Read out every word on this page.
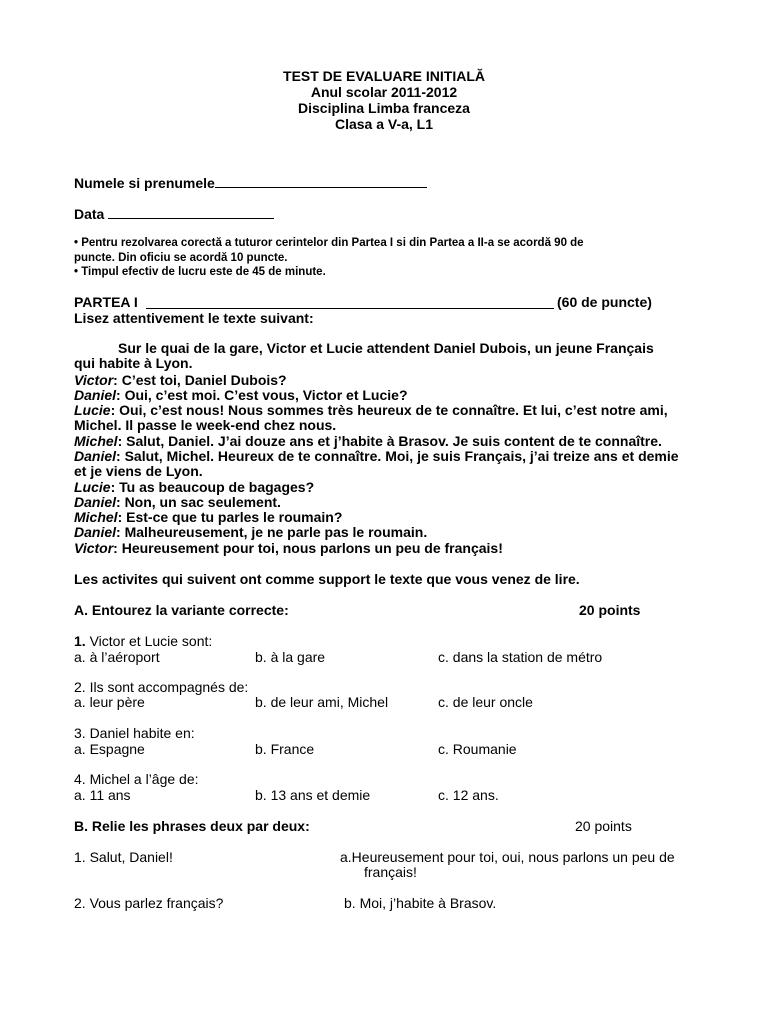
TEST DE EVALUARE INITIALĂ
Anul scolar 2011-2012
Disciplina Limba franceza
Clasa a V-a, L1
Numele si prenumele
Data
• Pentru rezolvarea corectă a tuturor cerintelor din Partea I si din Partea a II-a se acordă 90 de
puncte. Din oficiu se acordă 10 puncte.
• Timpul efectiv de lucru este de 45 de minute.
PARTEA I	(60 de puncte)
Lisez attentivement le texte suivant:
Sur le quai de la gare, Victor et Lucie attendent Daniel Dubois, un jeune Français
qui habite à Lyon.
Victor: C’est toi, Daniel Dubois?
Daniel: Oui, c’est moi. C’est vous, Victor et Lucie?
Lucie: Oui, c’est nous! Nous sommes très heureux de te connaître. Et lui, c’est notre ami,
Michel. Il passe le week-end chez nous.
Michel: Salut, Daniel. J’ai douze ans et j’habite à Brasov. Je suis content de te connaître.
Daniel: Salut, Michel. Heureux de te connaître. Moi, je suis Français, j’ai treize ans et demie
et je viens de Lyon.
Lucie: Tu as beaucoup de bagages?
Daniel: Non, un sac seulement.
Michel: Est-ce que tu parles le roumain?
Daniel: Malheureusement, je ne parle pas le roumain.
Victor: Heureusement pour toi, nous parlons un peu de français!
Les activites qui suivent ont comme support le texte que vous venez de lire.
A. Entourez la variante correcte:	20 points
1. Victor et Lucie sont:
a. à l’aéroport	b. à la gare	c. dans la station de métro
2. Ils sont accompagnés de:
a. leur père	b. de leur ami, Michel	c. de leur oncle
3. Daniel habite en:
a. Espagne	b. France	c. Roumanie
4. Michel a l’âge de:
a. 11 ans	b. 13 ans et demie	c. 12 ans.
B. Relie les phrases deux par deux:	20 points
1. Salut, Daniel!	a.Heureusement pour toi, oui, nous parlons un peu de
français!
2. Vous parlez français?	b. Moi, j’habite à Brasov.
